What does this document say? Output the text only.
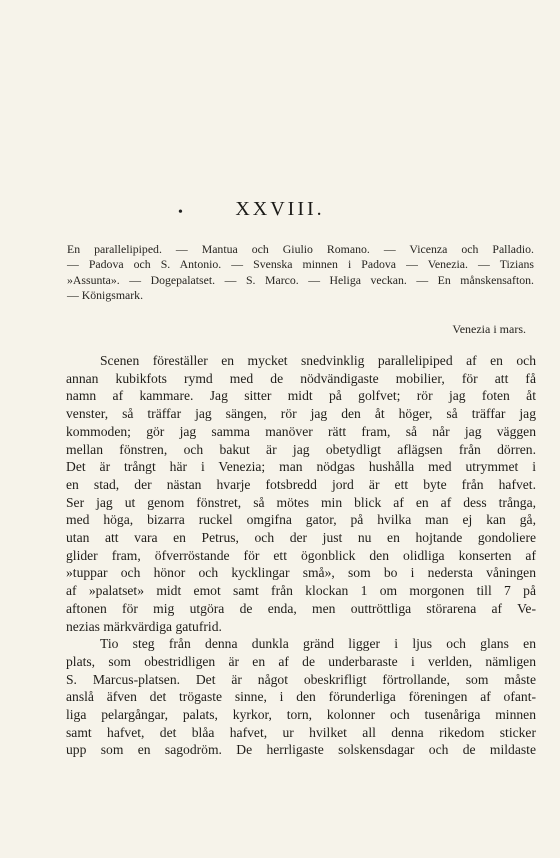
•	XXVIII.
En parallelipiped. — Mantua och Giulio Romano. — Vicenza och Palladio.
— Padova och S. Antonio. — Svenska minnen i Padova — Venezia. — Tizians
»Assunta». — Dogepalatset. — S. Marco. — Heliga veckan. — En månskensafton.
— Königsmark.
Venezia i mars.
Scenen föreställer en mycket snedvinklig parallelipiped af en och
annan kubikfots rymd med de nödvändigaste mobilier, för att få
namn af kammare. Jag sitter midt på golfvet; rör jag foten åt
venster, så träffar jag sängen, rör jag den åt höger, så träffar jag
kommoden; gör jag samma manöver rätt fram, så når jag väggen
mellan fönstren, och bakut är jag obetydligt aflägsen från dörren.
Det är trångt här i Venezia; man nödgas hushålla med utrymmet i
en stad, der nästan hvarje fotsbredd jord är ett byte från hafvet.
Ser jag ut genom fönstret, så mötes min blick af en af dess trånga,
med höga, bizarra ruckel omgifna gator, på hvilka man ej kan gå,
utan att vara en Petrus, och der just nu en hojtande gondoliere
glider fram, öfverröstande för ett ögonblick den olidliga konserten af
»tuppar och hönor och kycklingar små», som bo i nedersta våningen
af »palatset» midt emot samt från klockan 1 om morgonen till 7 på
aftonen för mig utgöra de enda, men outtröttliga störarena af Ve-
nezias märkvärdiga gatufrid.
Tio steg från denna dunkla gränd ligger i ljus och glans en
plats, som obestridligen är en af de underbaraste i verlden, nämligen
S. Marcus-platsen. Det är något obeskrifligt förtrollande, som måste
anslå äfven det trögaste sinne, i den förunderliga föreningen af ofant-
liga pelargångar, palats, kyrkor, torn, kolonner och tusenåriga minnen
samt hafvet, det blåa hafvet, ur hvilket all denna rikedom sticker
upp som en sagodröm. De herrligaste solskensdagar och de mildaste
